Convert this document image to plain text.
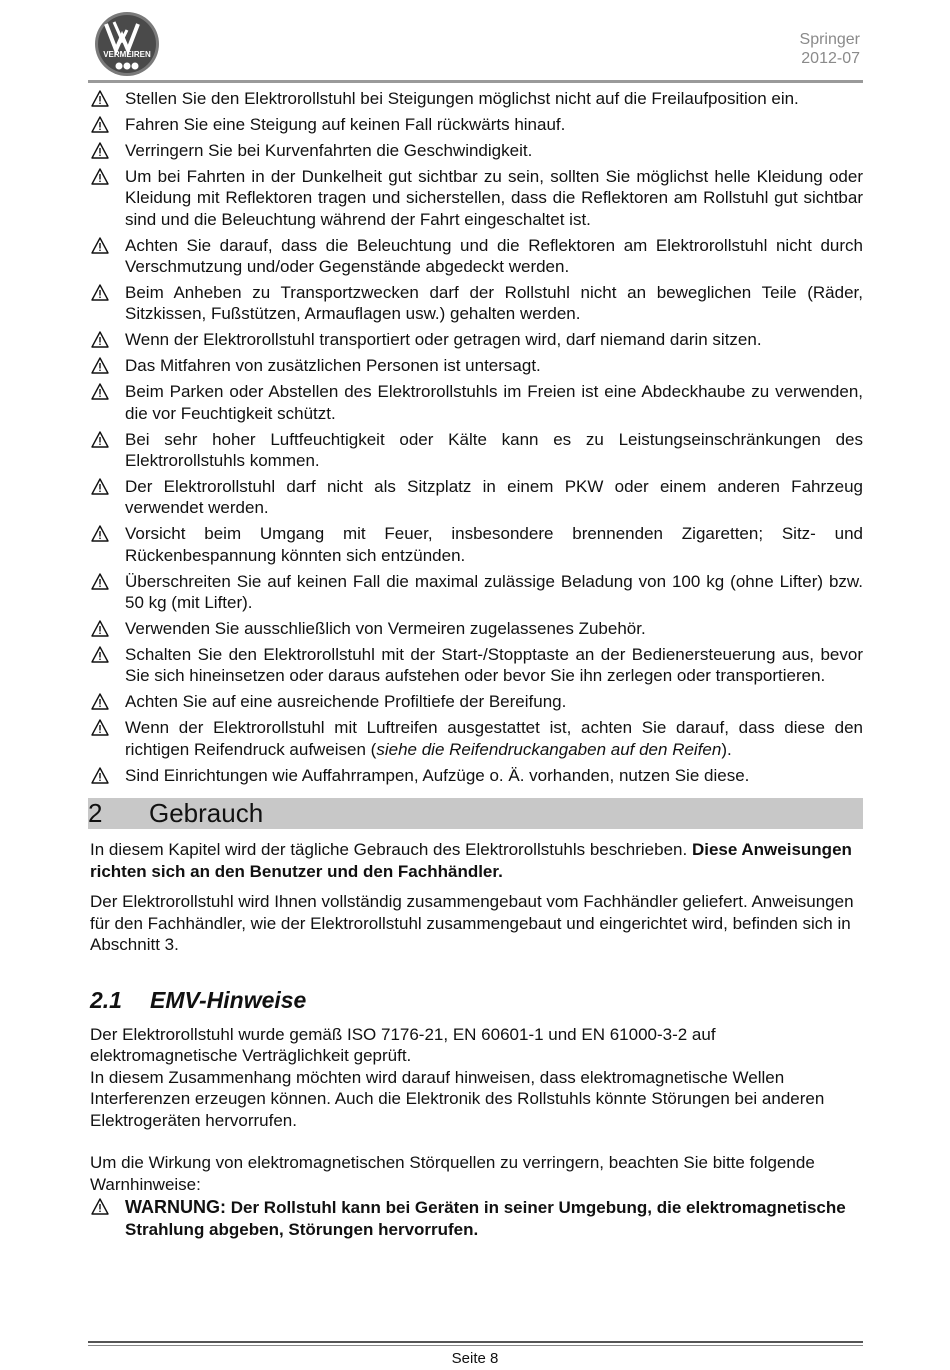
VERMEIREN
Springer
2012-07
Stellen Sie den Elektrorollstuhl bei Steigungen möglichst nicht auf die Freilaufposition ein.
Fahren Sie eine Steigung auf keinen Fall rückwärts hinauf.
Verringern Sie bei Kurvenfahrten die Geschwindigkeit.
Um bei Fahrten in der Dunkelheit gut sichtbar zu sein, sollten Sie möglichst helle Kleidung oder Kleidung mit Reflektoren tragen und sicherstellen, dass die Reflektoren am Rollstuhl gut sichtbar sind und die Beleuchtung während der Fahrt eingeschaltet ist.
Achten Sie darauf, dass die Beleuchtung und die Reflektoren am Elektrorollstuhl nicht durch Verschmutzung und/oder Gegenstände abgedeckt werden.
Beim Anheben zu Transportzwecken darf der Rollstuhl nicht an beweglichen Teile (Räder, Sitzkissen, Fußstützen, Armauflagen usw.) gehalten werden.
Wenn der Elektrorollstuhl transportiert oder getragen wird, darf niemand darin sitzen.
Das Mitfahren von zusätzlichen Personen ist untersagt.
Beim Parken oder Abstellen des Elektrorollstuhls im Freien ist eine Abdeckhaube zu verwenden, die vor Feuchtigkeit schützt.
Bei sehr hoher Luftfeuchtigkeit oder Kälte kann es zu Leistungseinschränkungen des Elektrorollstuhls kommen.
Der Elektrorollstuhl darf nicht als Sitzplatz in einem PKW oder einem anderen Fahrzeug verwendet werden.
Vorsicht beim Umgang mit Feuer, insbesondere brennenden Zigaretten; Sitz- und Rückenbespannung könnten sich entzünden.
Überschreiten Sie auf keinen Fall die maximal zulässige Beladung von 100 kg (ohne Lifter) bzw. 50 kg (mit Lifter).
Verwenden Sie ausschließlich von Vermeiren zugelassenes Zubehör.
Schalten Sie den Elektrorollstuhl mit der Start-/Stopptaste an der Bedienersteuerung aus, bevor Sie sich hineinsetzen oder daraus aufstehen oder bevor Sie ihn zerlegen oder transportieren.
Achten Sie auf eine ausreichende Profiltiefe der Bereifung.
Wenn der Elektrorollstuhl mit Luftreifen ausgestattet ist, achten Sie darauf, dass diese den richtigen Reifendruck aufweisen (siehe die Reifendruckangaben auf den Reifen).
Sind Einrichtungen wie Auffahrrampen, Aufzüge o. Ä. vorhanden, nutzen Sie diese.
2 Gebrauch

In diesem Kapitel wird der tägliche Gebrauch des Elektrorollstuhls beschrieben. Diese Anweisungen richten sich an den Benutzer und den Fachhändler.

Der Elektrorollstuhl wird Ihnen vollständig zusammengebaut vom Fachhändler geliefert. Anweisungen für den Fachhändler, wie der Elektrorollstuhl zusammengebaut und eingerichtet wird, befinden sich in Abschnitt 3.

2.1 EMV-Hinweise

Der Elektrorollstuhl wurde gemäß ISO 7176-21, EN 60601-1 und EN 61000-3-2 auf elektromagnetische Verträglichkeit geprüft.

In diesem Zusammenhang möchten wird darauf hinweisen, dass elektromagnetische Wellen Interferenzen erzeugen können. Auch die Elektronik des Rollstuhls könnte Störungen bei anderen Elektrogeräten hervorrufen.

Um die Wirkung von elektromagnetischen Störquellen zu verringern, beachten Sie bitte folgende Warnhinweise:

WARNUNG: Der Rollstuhl kann bei Geräten in seiner Umgebung, die elektromagnetische Strahlung abgeben, Störungen hervorrufen.
Seite 8
